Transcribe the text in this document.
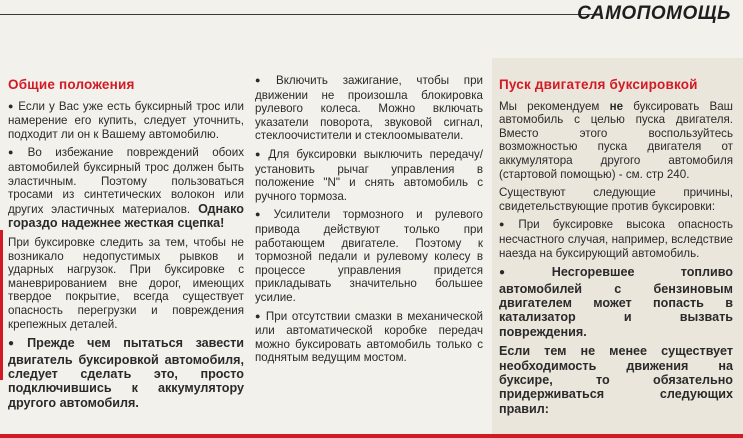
САМОПОМОЩЬ
Общие положения

● Если у Вас уже есть буксирный трос или намерение его купить, следует уточнить, подходит ли он к Вашему автомобилю.

● Во избежание повреждений обоих автомобилей буксирный трос должен быть эластичным. Поэтому пользоваться тросами из синтетических волокон или других эластичных материалов. Однако гораздо надежнее жесткая сцепка!

При буксировке следить за тем, чтобы не возникало недопустимых рывков и ударных нагрузок. При буксировке с маневрированием вне дорог, имеющих твердое покрытие, всегда существует опасность перегрузки и повреждения крепежных деталей.

● Прежде чем пытаться завести двигатель буксировкой автомобиля, следует сделать это, просто подключившись к аккумулятору другого автомобиля.

● Включить зажигание, чтобы при движении не произошла блокировка рулевого колеса. Можно включать указатели поворота, звуковой сигнал, стеклоочистители и стеклоомыватели.

● Для буксировки выключить передачу/установить рычаг управления в положение "N" и снять автомобиль с ручного тормоза.

● Усилители тормозного и рулевого привода действуют только при работающем двигателе. Поэтому к тормозной педали и рулевому колесу в процессе управления придется прикладывать значительно большее усилие.

● При отсутствии смазки в механической или автоматической коробке передач можно буксировать автомобиль только с поднятым ведущим мостом.

Пуск двигателя буксировкой

Мы рекомендуем не буксировать Ваш автомобиль с целью пуска двигателя. Вместо этого воспользуйтесь возможностью пуска двигателя от аккумулятора другого автомобиля (стартовой помощью) - см. стр 240.

Существуют следующие причины, свидетельствующие против буксировки:

● При буксировке высока опасность несчастного случая, например, вследствие наезда на буксирующий автомобиль.

● Несгоревшее топливо автомобилей с бензиновым двигателем может попасть в катализатор и вызвать повреждения.

Если тем не менее существует необходимость движения на буксире, то обязательно придерживаться следующих правил:
